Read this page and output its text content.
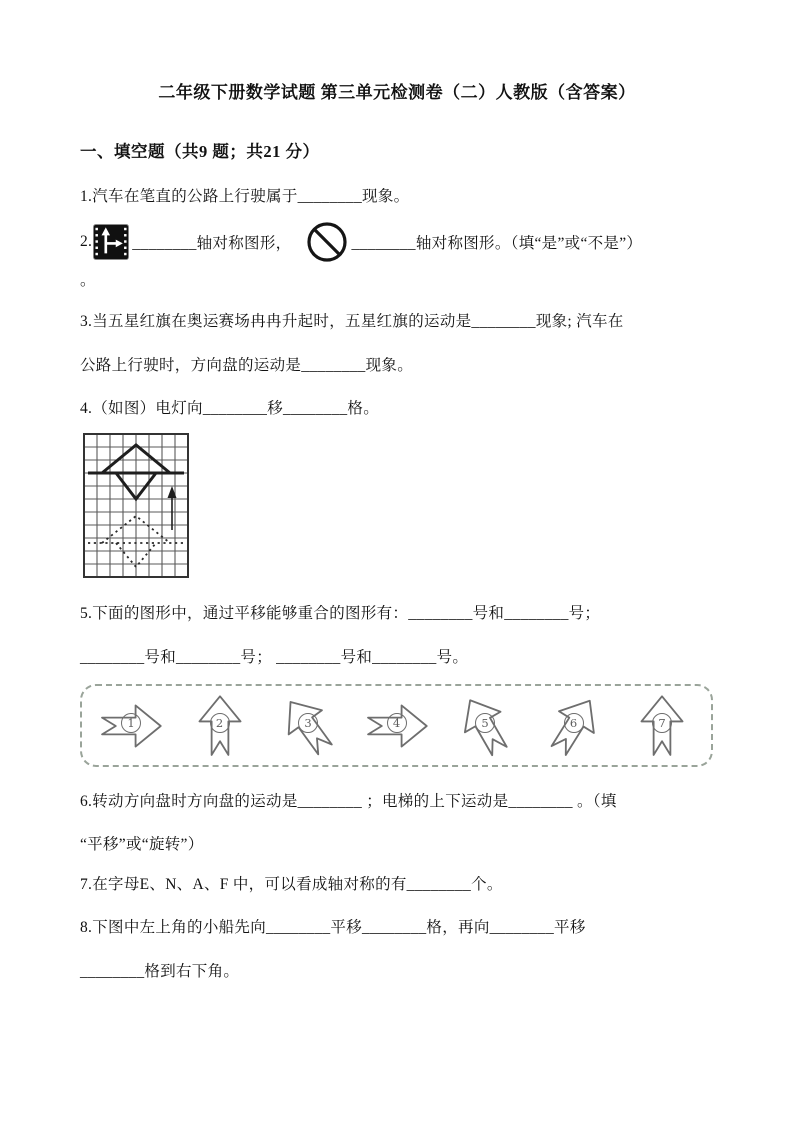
二年级下册数学试题 第三单元检测卷（二）人教版（含答案）
一、填空题（共9 题；共21 分）
1.汽车在笔直的公路上行驶属于________现象。
2.	________轴对称图形，	________轴对称图形。（填“是”或“不是”）
。
3.当五星红旗在奥运赛场冉冉升起时，五星红旗的运动是________现象; 汽车在
公路上行驶时，方向盘的运动是________现象。
4.（如图）电灯向________移________格。
5.下面的图形中，通过平移能够重合的图形有：________号和________号；
________号和________号； ________号和________号。
1	2	3	4	5	6	7
6.转动方向盘时方向盘的运动是________ ；电梯的上下运动是________ 。（填
“平移”或“旋转”）
7.在字母E、N、A、F 中，可以看成轴对称的有________个。
8.下图中左上角的小船先向________平移________格，再向________平移
________格到右下角。
